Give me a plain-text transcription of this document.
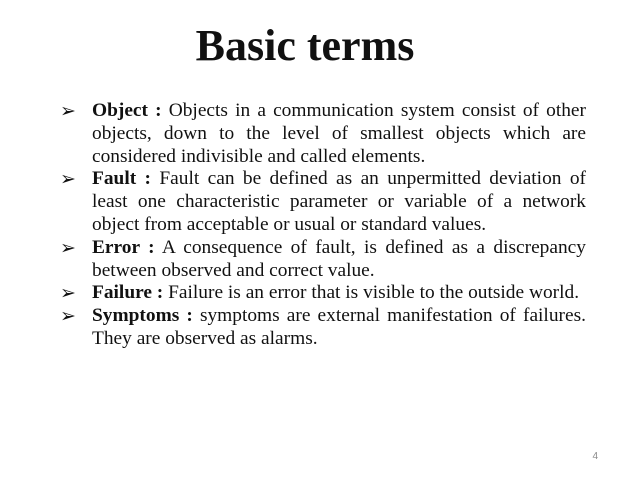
Basic terms
➢ Object : Objects in a communication system consist of other objects, down to the level of smallest objects which are considered indivisible and called elements.
➢ Fault : Fault can be defined as an unpermitted deviation of least one characteristic parameter or variable of a network object from acceptable or usual or standard values.
➢ Error : A consequence of fault, is defined as a discrepancy between observed and correct value.
➢ Failure : Failure is an error that is visible to the outside world.
➢ Symptoms : symptoms are external manifestation of failures. They are observed as alarms.
4
